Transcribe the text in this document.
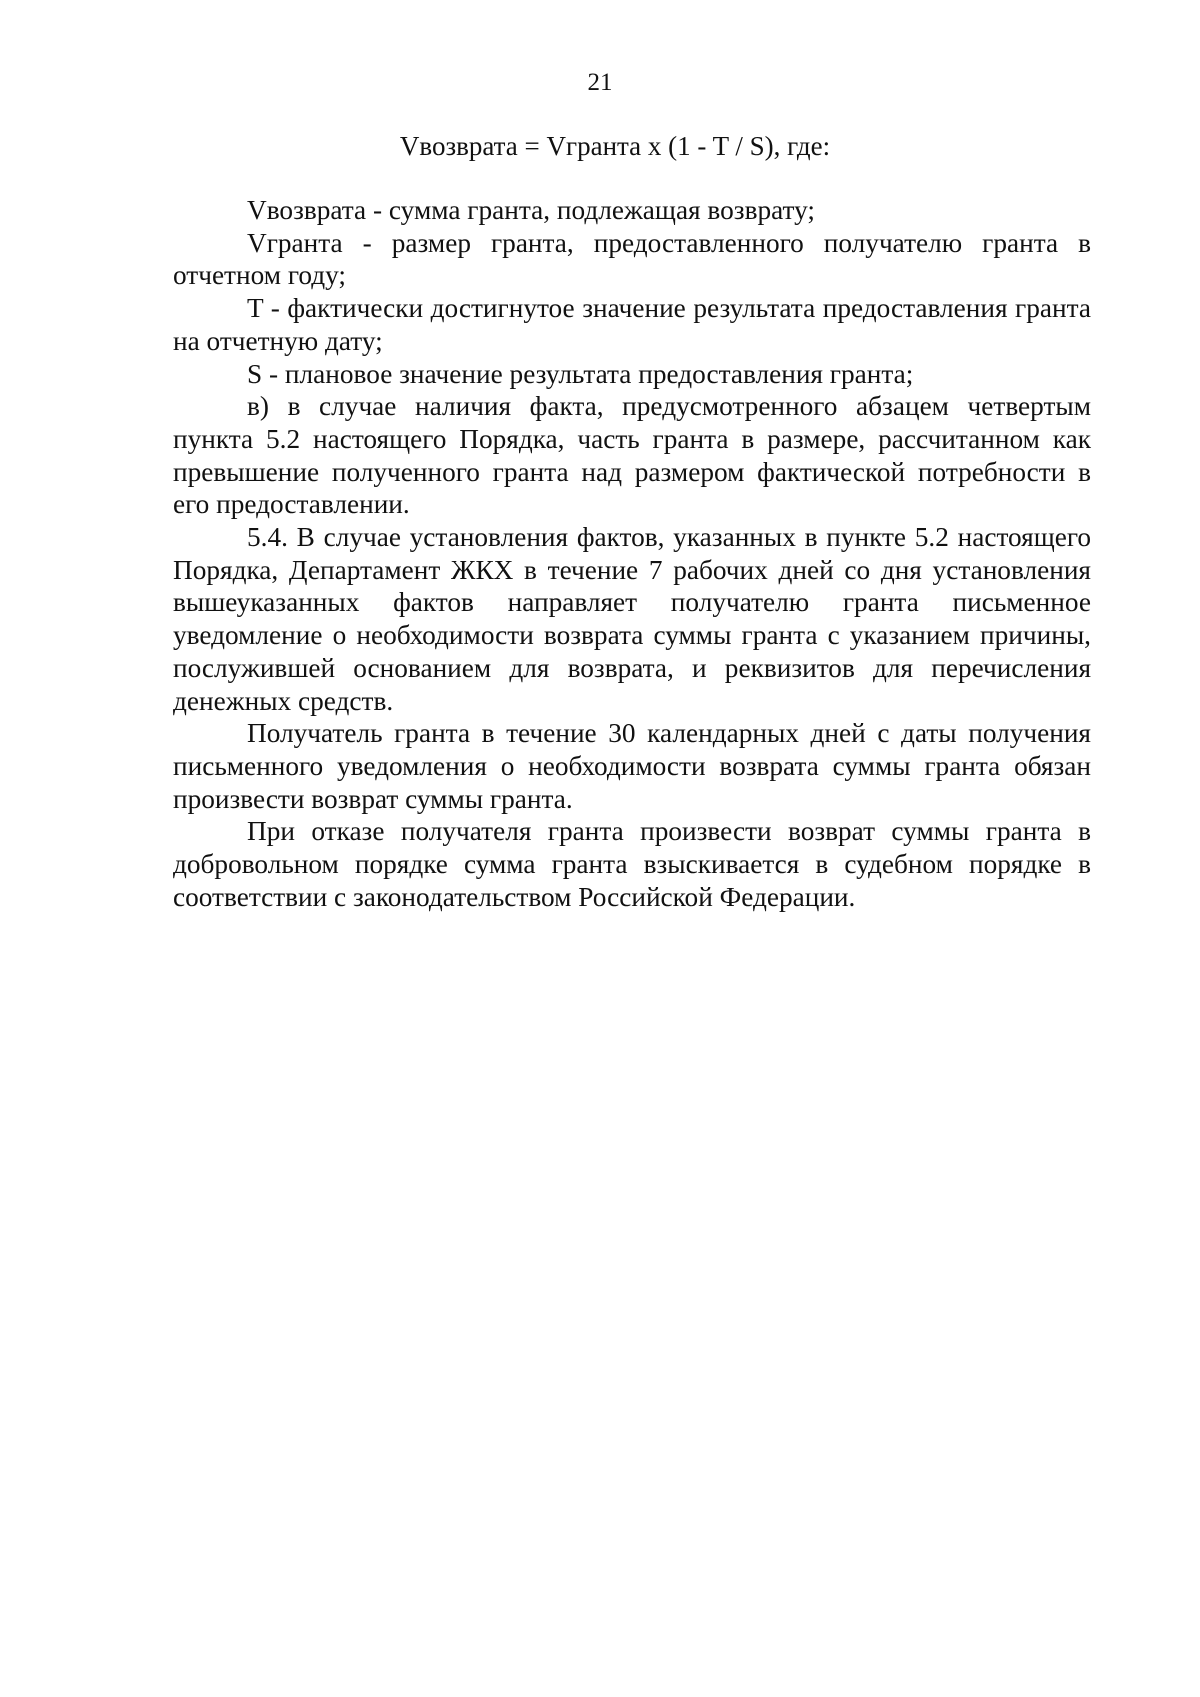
21
Vвозврата = Vгранта x (1 - T / S), где:

Vвозврата - сумма гранта, подлежащая возврату;

Vгранта - размер гранта, предоставленного получателю гранта в отчетном году;

T - фактически достигнутое значение результата предоставления гранта на отчетную дату;

S - плановое значение результата предоставления гранта;

в) в случае наличия факта, предусмотренного абзацем четвертым пункта 5.2 настоящего Порядка, часть гранта в размере, рассчитанном как превышение полученного гранта над размером фактической потребности в его предоставлении.

5.4. В случае установления фактов, указанных в пункте 5.2 настоящего Порядка, Департамент ЖКХ в течение 7 рабочих дней со дня установления вышеуказанных фактов направляет получателю гранта письменное уведомление о необходимости возврата суммы гранта с указанием причины, послужившей основанием для возврата, и реквизитов для перечисления денежных средств.

Получатель гранта в течение 30 календарных дней с даты получения письменного уведомления о необходимости возврата суммы гранта обязан произвести возврат суммы гранта.

При отказе получателя гранта произвести возврат суммы гранта в добровольном порядке сумма гранта взыскивается в судебном порядке в соответствии с законодательством Российской Федерации.
